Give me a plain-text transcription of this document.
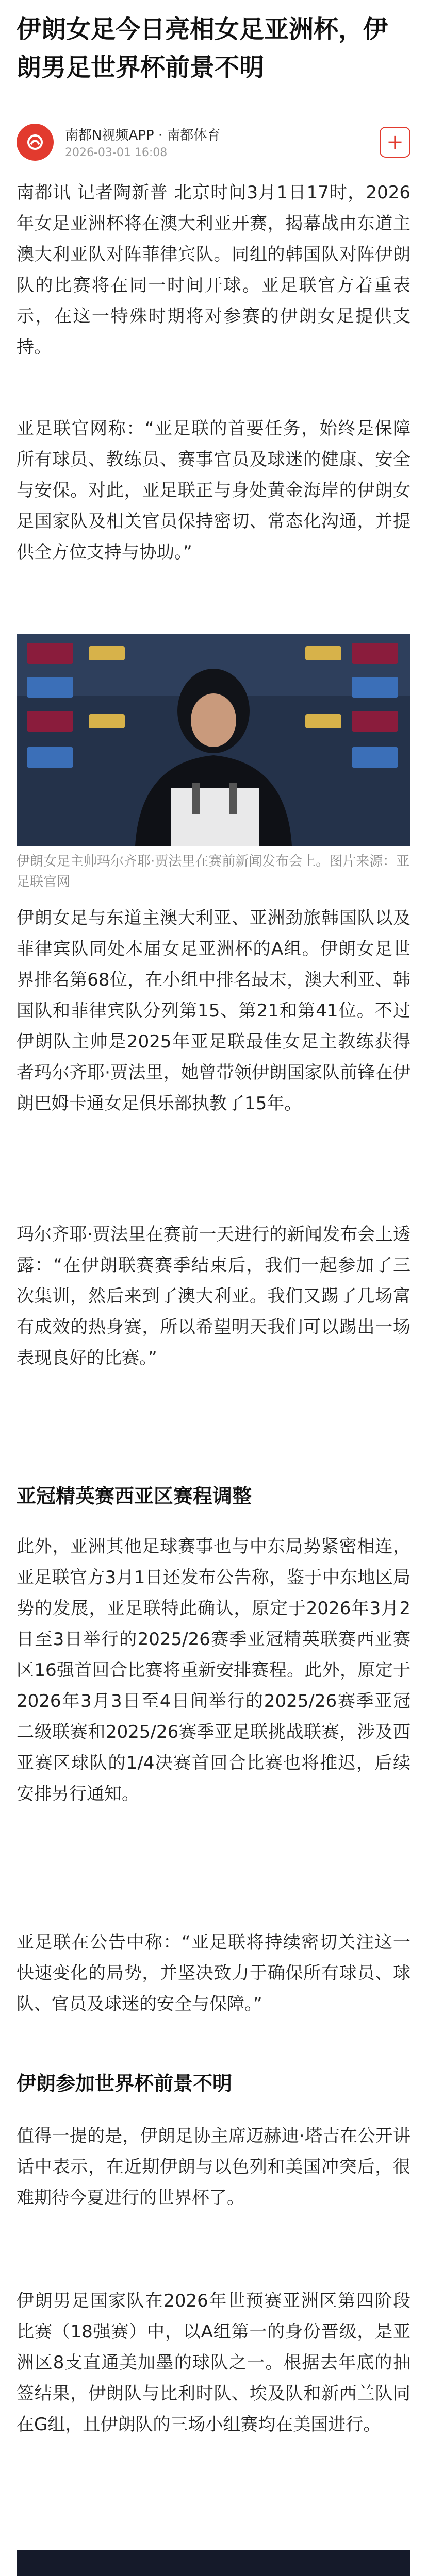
伊朗女足今日亮相女足亚洲杯，伊朗男足世界杯前景不明
南都N视频APP · 南都体育
2026-03-01 16:08	+

南都讯 记者陶新普 北京时间3月1日17时，2026年女足亚洲杯将在澳大利亚开赛，揭幕战由东道主澳大利亚队对阵菲律宾队。同组的韩国队对阵伊朗队的比赛将在同一时间开球。亚足联官方着重表示，在这一特殊时期将对参赛的伊朗女足提供支持。

亚足联官网称：“亚足联的首要任务，始终是保障所有球员、教练员、赛事官员及球迷的健康、安全与安保。对此，亚足联正与身处黄金海岸的伊朗女足国家队及相关官员保持密切、常态化沟通，并提供全方位支持与协助。”

伊朗女足主帅玛尔齐耶·贾法里在赛前新闻发布会上。图片来源：亚足联官网

伊朗女足与东道主澳大利亚、亚洲劲旅韩国队以及菲律宾队同处本届女足亚洲杯的A组。伊朗女足世界排名第68位，在小组中排名最末，澳大利亚、韩国队和菲律宾队分列第15、第21和第41位。不过伊朗队主帅是2025年亚足联最佳女足主教练获得者玛尔齐耶·贾法里，她曾带领伊朗国家队前锋在伊朗巴姆卡通女足俱乐部执教了15年。

玛尔齐耶·贾法里在赛前一天进行的新闻发布会上透露：“在伊朗联赛赛季结束后，我们一起参加了三次集训，然后来到了澳大利亚。我们又踢了几场富有成效的热身赛，所以希望明天我们可以踢出一场表现良好的比赛。”

亚冠精英赛西亚区赛程调整

此外，亚洲其他足球赛事也与中东局势紧密相连，亚足联官方3月1日还发布公告称，鉴于中东地区局势的发展，亚足联特此确认，原定于2026年3月2日至3日举行的2025/26赛季亚冠精英联赛西亚赛区16强首回合比赛将重新安排赛程。此外，原定于2026年3月3日至4日间举行的2025/26赛季亚冠二级联赛和2025/26赛季亚足联挑战联赛，涉及西亚赛区球队的1/4决赛首回合比赛也将推迟，后续安排另行通知。

亚足联在公告中称：“亚足联将持续密切关注这一快速变化的局势，并坚决致力于确保所有球员、球队、官员及球迷的安全与保障。”

伊朗参加世界杯前景不明

值得一提的是，伊朗足协主席迈赫迪·塔吉在公开讲话中表示，在近期伊朗与以色列和美国冲突后，很难期待今夏进行的世界杯了。

伊朗男足国家队在2026年世预赛亚洲区第四阶段比赛（18强赛）中，以A组第一的身份晋级，是亚洲区8支直通美加墨的球队之一。根据去年底的抽签结果，伊朗队与比利时队、埃及队和新西兰队同在G组，且伊朗队的三场小组赛均在美国进行。
